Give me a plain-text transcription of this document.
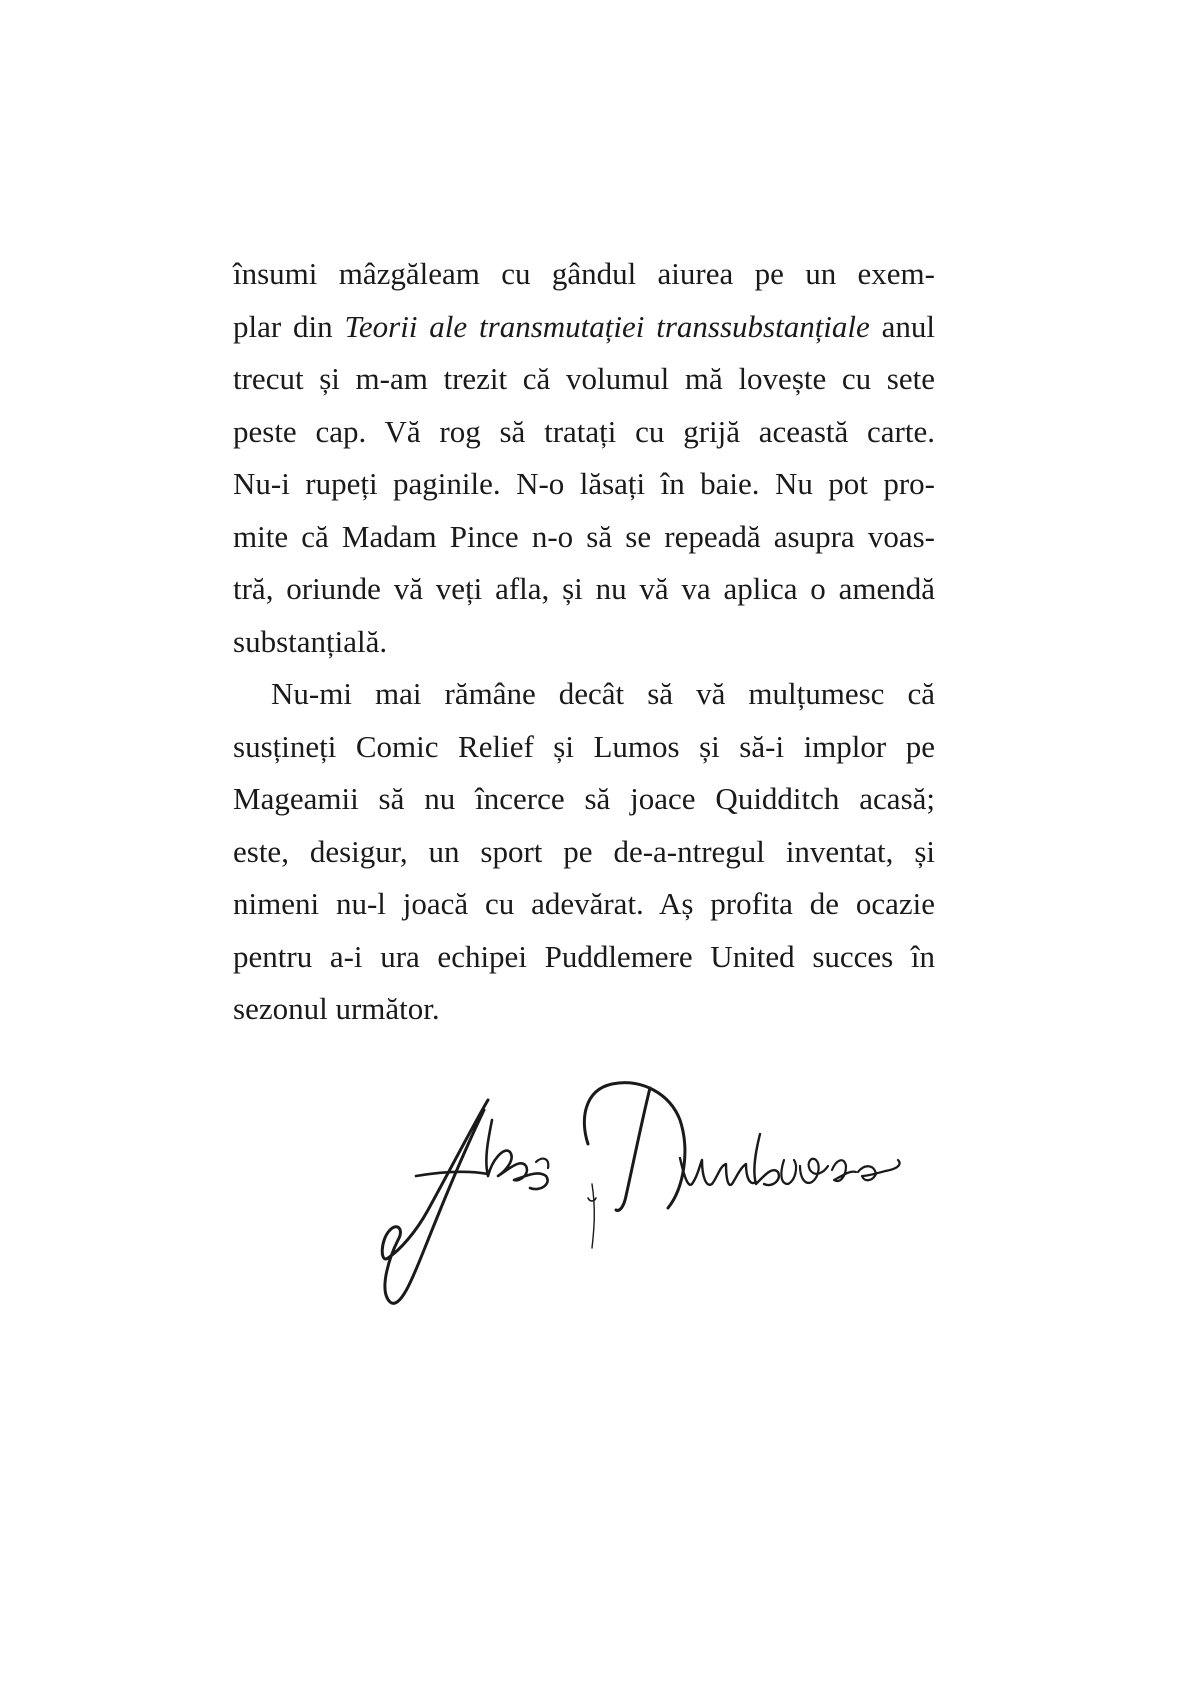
însumi mâzgăleam cu gândul aiurea pe un exem-
plar din Teorii ale transmutației transsubstanțiale anul
trecut și m-am trezit că volumul mă lovește cu sete
peste cap. Vă rog să tratați cu grijă această carte.
Nu-i rupeți paginile. N-o lăsați în baie. Nu pot pro-
mite că Madam Pince n-o să se repeadă asupra voas-
tră, oriunde vă veți afla, și nu vă va aplica o amendă
substanțială.

Nu-mi mai rămâne decât să vă mulțumesc că
susțineți Comic Relief și Lumos și să-i implor pe
Mageamii să nu încerce să joace Quidditch acasă;
este, desigur, un sport pe de-a-ntregul inventat, și
nimeni nu-l joacă cu adevărat. Aș profita de ocazie
pentru a-i ura echipei Puddlemere United succes în
sezonul următor.
